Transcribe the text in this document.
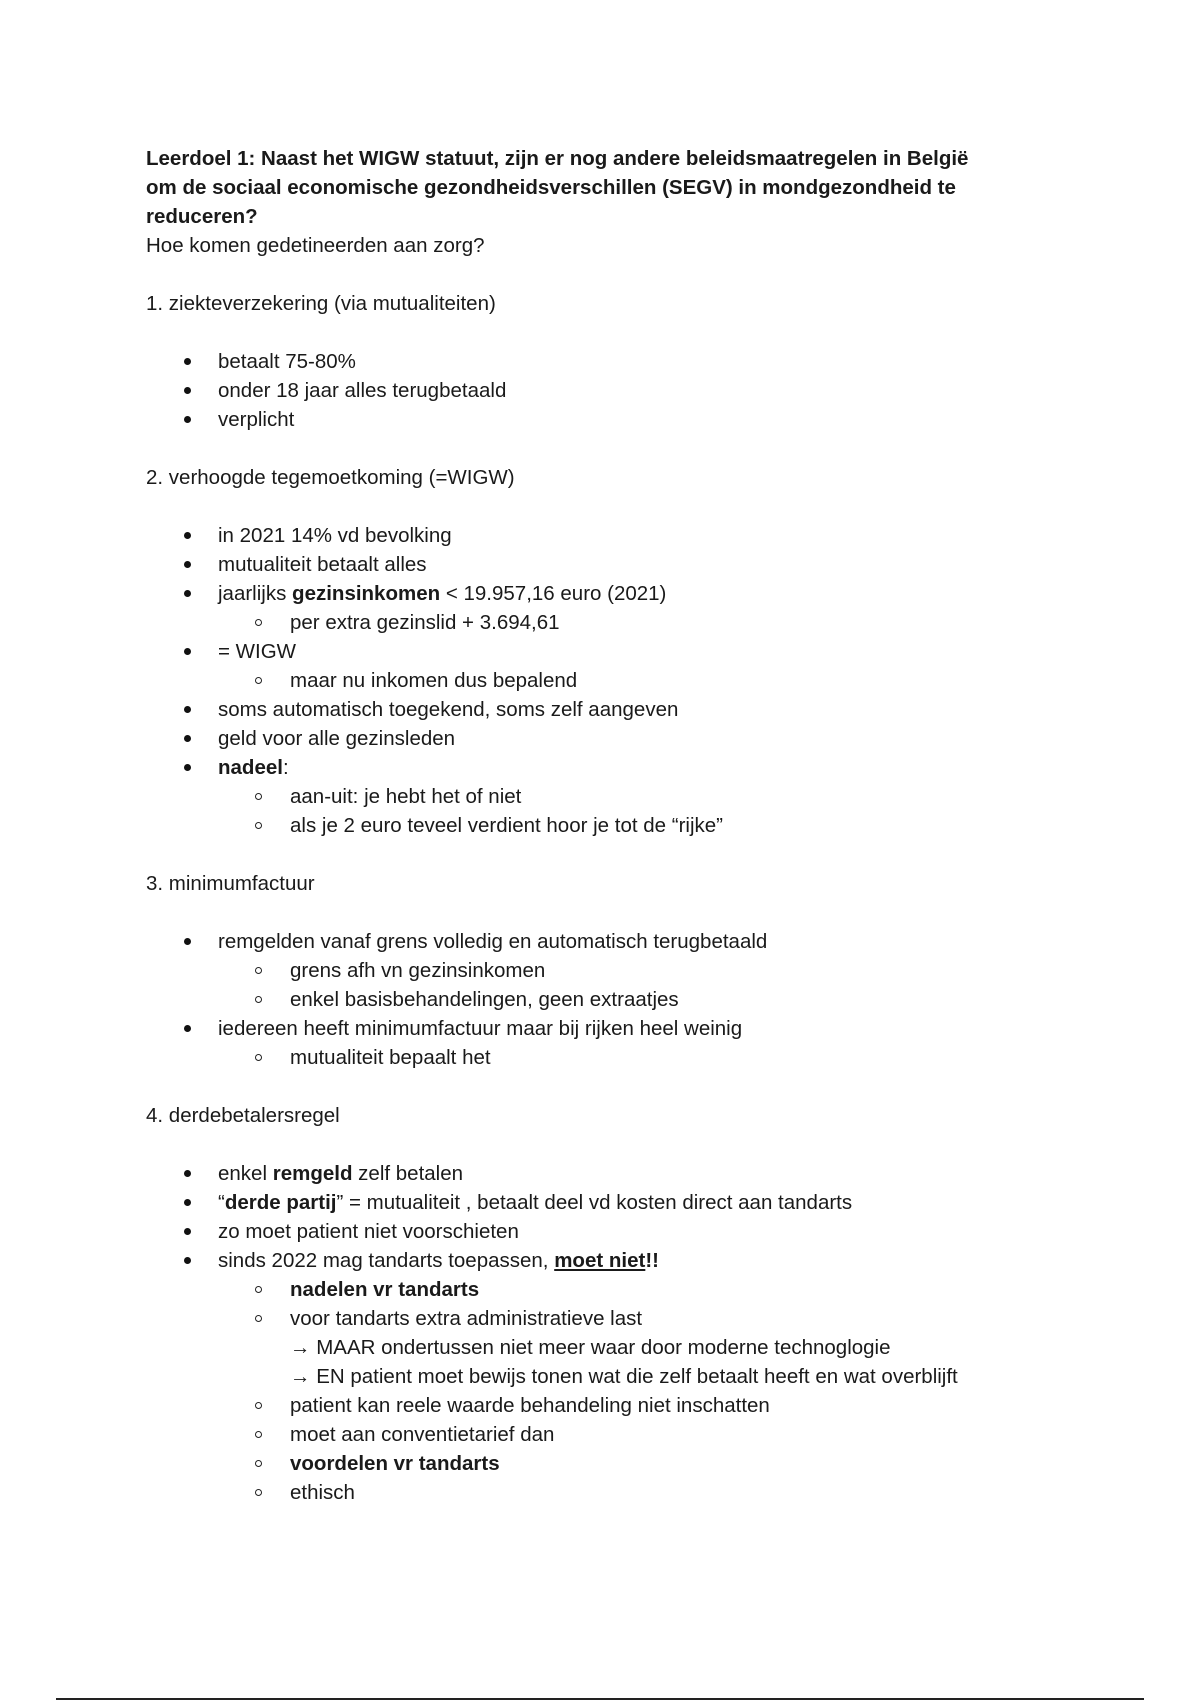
Leerdoel 1: Naast het WIGW statuut, zijn er nog andere beleidsmaatregelen in België
om de sociaal economische gezondheidsverschillen (SEGV) in mondgezondheid te
reduceren?

Hoe komen gedetineerden aan zorg?

1. ziekteverzekering (via mutualiteiten)

betaalt 75-80%
onder 18 jaar alles terugbetaald
verplicht

2. verhoogde tegemoetkoming (=WIGW)

in 2021 14% vd bevolking
mutualiteit betaalt alles
jaarlijks gezinsinkomen < 19.957,16 euro (2021)
per extra gezinslid + 3.694,61
= WIGW
maar nu inkomen dus bepalend
soms automatisch toegekend, soms zelf aangeven
geld voor alle gezinsleden
nadeel:
aan-uit: je hebt het of niet
als je 2 euro teveel verdient hoor je tot de “rijke”

3. minimumfactuur

remgelden vanaf grens volledig en automatisch terugbetaald
grens afh vn gezinsinkomen
enkel basisbehandelingen, geen extraatjes
iedereen heeft minimumfactuur maar bij rijken heel weinig
mutualiteit bepaalt het

4. derdebetalersregel

enkel remgeld zelf betalen
“derde partij” = mutualiteit , betaalt deel vd kosten direct aan tandarts
zo moet patient niet voorschieten
sinds 2022 mag tandarts toepassen, moet niet!!
nadelen vr tandarts
voor tandarts extra administratieve last
→ MAAR ondertussen niet meer waar door moderne technoglogie
→ EN patient moet bewijs tonen wat die zelf betaalt heeft en wat overblijft
patient kan reele waarde behandeling niet inschatten
moet aan conventietarief dan
voordelen vr tandarts
ethisch
